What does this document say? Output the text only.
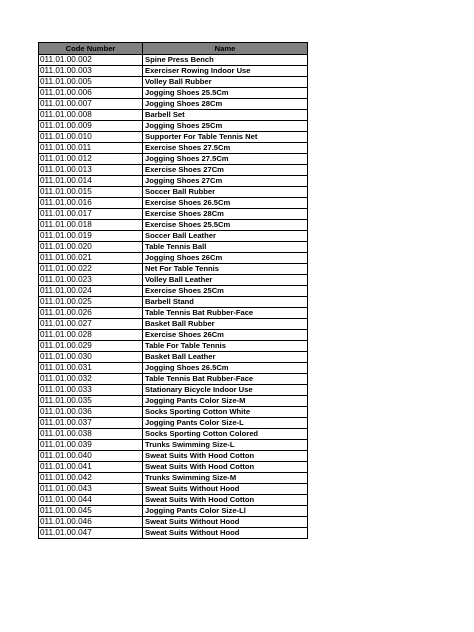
Code Number	Name
011.01.00.002	Spine Press Bench
011.01.00.003	Exerciser Rowing Indoor Use
011.01.00.005	Volley Ball Rubber
011.01.00.006	Jogging Shoes 25.5Cm
011.01.00.007	Jogging Shoes 28Cm
011.01.00.008	Barbell Set
011.01.00.009	Jogging Shoes 25Cm
011.01.00.010	Supporter For Table Tennis Net
011.01.00.011	Exercise Shoes 27.5Cm
011.01.00.012	Jogging Shoes 27.5Cm
011.01.00.013	Exercise Shoes 27Cm
011.01.00.014	Jogging Shoes 27Cm
011.01.00.015	Soccer Ball Rubber
011.01.00.016	Exercise Shoes 26.5Cm
011.01.00.017	Exercise Shoes 28Cm
011.01.00.018	Exercise Shoes 25.5Cm
011.01.00.019	Soccer Ball Leather
011.01.00.020	Table Tennis Ball
011.01.00.021	Jogging Shoes 26Cm
011.01.00.022	Net For Table Tennis
011.01.00.023	Volley Ball Leather
011.01.00.024	Exercise Shoes 25Cm
011.01.00.025	Barbell Stand
011.01.00.026	Table Tennis Bat Rubber-Face
011.01.00.027	Basket Ball Rubber
011.01.00.028	Exercise Shoes 26Cm
011.01.00.029	Table For Table Tennis
011.01.00.030	Basket Ball Leather
011.01.00.031	Jogging Shoes 26.5Cm
011.01.00.032	Table Tennis Bat Rubber-Face
011.01.00.033	Stationary Bicycle Indoor Use
011.01.00.035	Jogging Pants Color Size-M
011.01.00.036	Socks Sporting Cotton White
011.01.00.037	Jogging Pants Color Size-L
011.01.00.038	Socks Sporting Cotton Colored
011.01.00.039	Trunks Swimming Size-L
011.01.00.040	Sweat Suits With Hood Cotton
011.01.00.041	Sweat Suits With Hood Cotton
011.01.00.042	Trunks Swimming Size-M
011.01.00.043	Sweat Suits Without Hood
011.01.00.044	Sweat Suits With Hood Cotton
011.01.00.045	Jogging Pants Color Size-Ll
011.01.00.046	Sweat Suits Without Hood
011.01.00.047	Sweat Suits Without Hood
